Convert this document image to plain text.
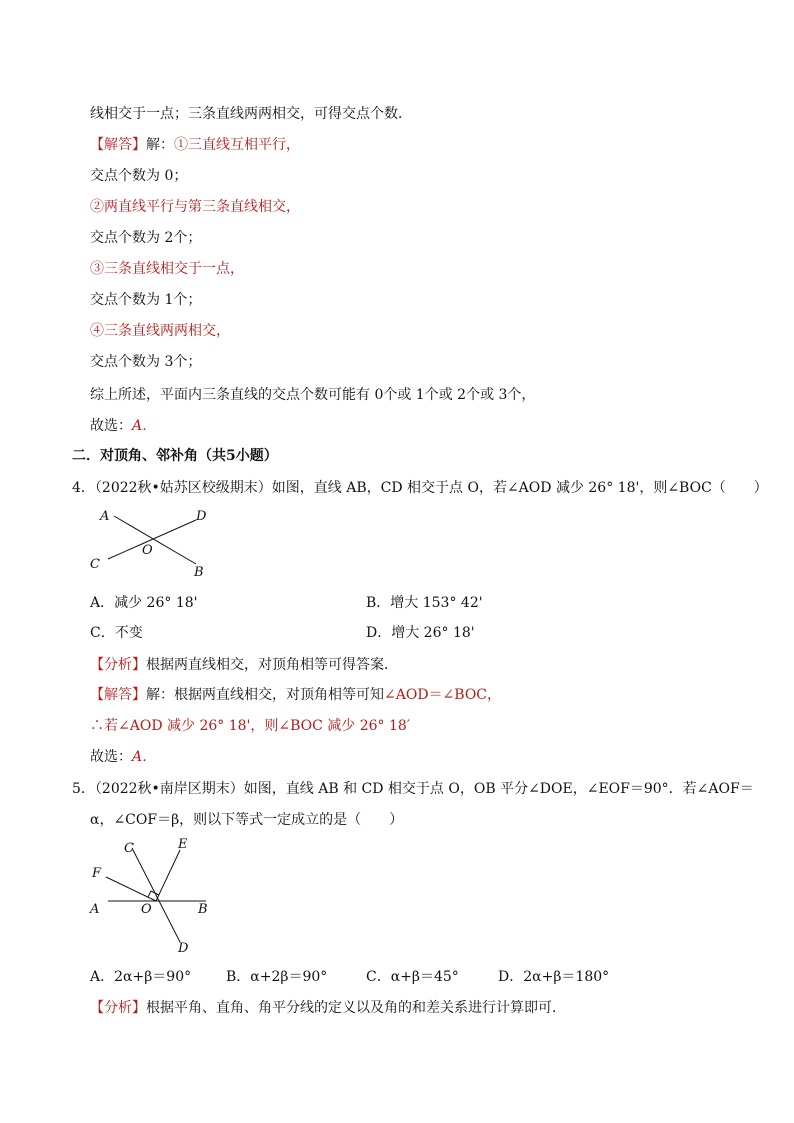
线相交于一点；三条直线两两相交，可得交点个数．
【解答】解：①三直线互相平行，
交点个数为 0；
②两直线平行与第三条直线相交，
交点个数为 2个；
③三条直线相交于一点，
交点个数为 1个；
④三条直线两两相交，
交点个数为 3个；
综上所述，平面内三条直线的交点个数可能有 0个或 1个或 2个或 3个，
故选：A．
二．对顶角、邻补角（共5小题）
4．（2022秋•姑苏区校级期末）如图，直线 AB，CD 相交于点 O，若∠AOD 减少 26° 18'，则∠BOC（　　）
A	D
O
C
B
A．减少 26° 18'	B．增大 153° 42'
C．不变	D．增大 26° 18'
【分析】根据两直线相交，对顶角相等可得答案．
【解答】解：根据两直线相交，对顶角相等可知∠AOD＝∠BOC，
∴若∠AOD 减少 26° 18'，则∠BOC 减少 26° 18′
故选：A．
5．（2022秋•南岸区期末）如图，直线 AB 和 CD 相交于点 O，OB 平分∠DOE，∠EOF＝90°．若∠AOF＝
α，∠COF＝β，则以下等式一定成立的是（　　）
C	E
F
A	O	B
D
A．2α+β＝90° B．α+2β＝90°	C．α+β＝45°	D．2α+β＝180°
【分析】根据平角、直角、角平分线的定义以及角的和差关系进行计算即可．
